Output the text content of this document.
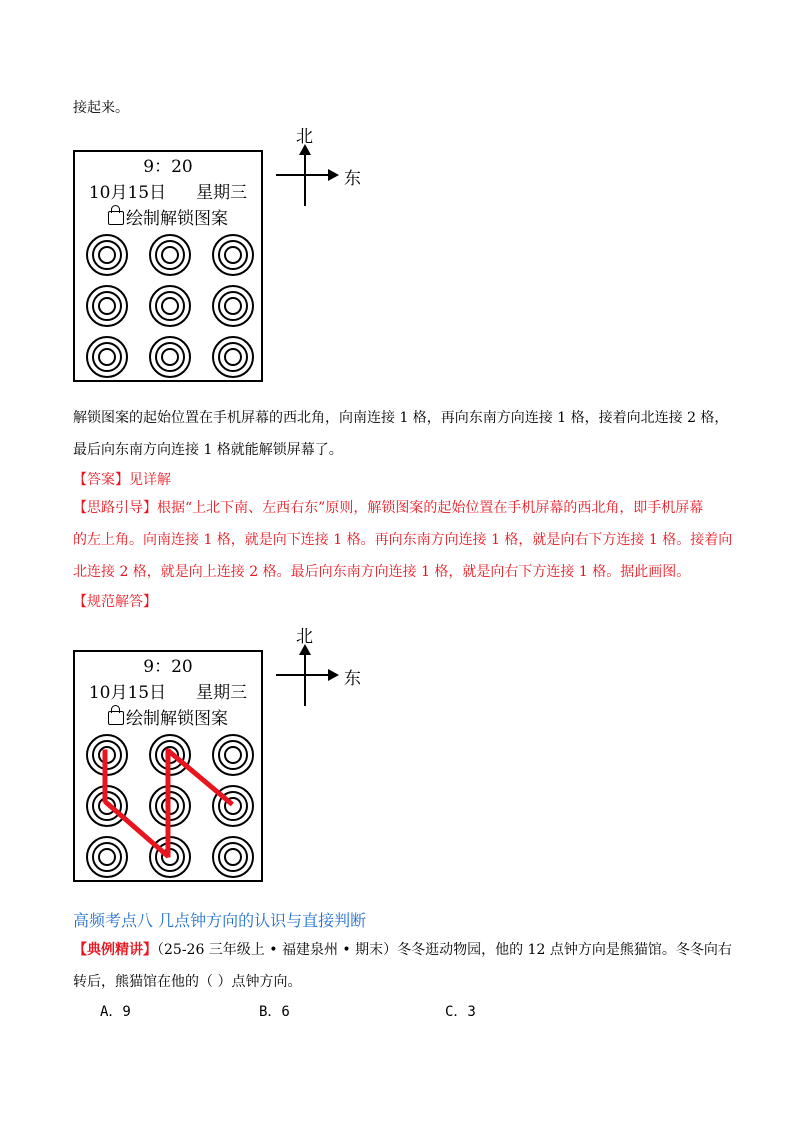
接起来。
9：20
10月15日 星期三
绘制解锁图案
北
东
解锁图案的起始位置在手机屏幕的西北角，向南连接 1 格，再向东南方向连接 1 格，接着向北连接 2 格，
最后向东南方向连接 1 格就能解锁屏幕了。
【答案】见详解
【思路引导】根据“上北下南、左西右东”原则，解锁图案的起始位置在手机屏幕的西北角，即手机屏幕
的左上角。向南连接 1 格，就是向下连接 1 格。再向东南方向连接 1 格，就是向右下方连接 1 格。接着向
北连接 2 格，就是向上连接 2 格。最后向东南方向连接 1 格，就是向右下方连接 1 格。据此画图。
【规范解答】
9：20
10月15日 星期三
绘制解锁图案
北
东
高频考点八 几点钟方向的认识与直接判断
【典例精讲】（25-26 三年级上 • 福建泉州 • 期末）冬冬逛动物园，他的 12 点钟方向是熊猫馆。冬冬向右
转后，熊猫馆在他的（ ）点钟方向。
A．9	B．6	C．3
